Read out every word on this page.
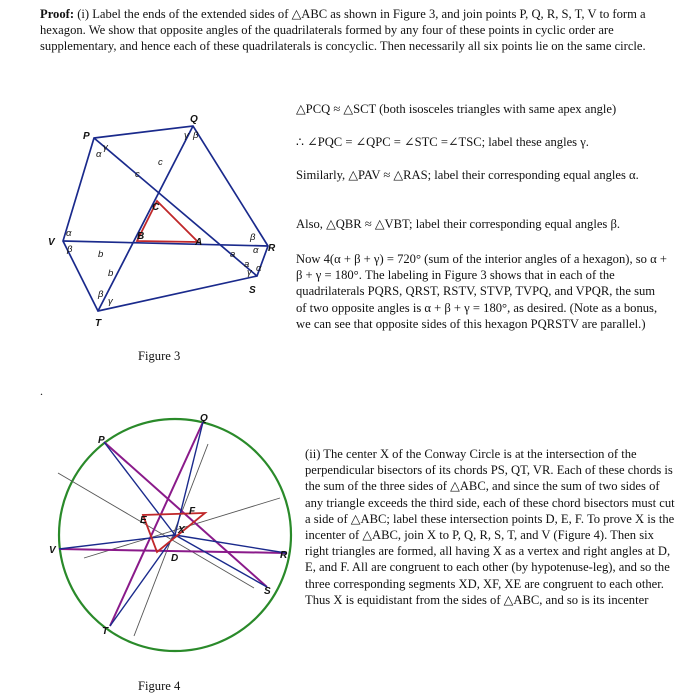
Proof: (i) Label the ends of the extended sides of △ABC as shown in Figure 3, and join points P, Q, R, S, T, V to form a hexagon. We show that opposite angles of the quadrilaterals formed by any four of these points in cyclic order are supplementary, and hence each of these quadrilaterals is concyclic. Then necessarily all six points lie on the same circle.

△PCQ ≈ △SCT (both isosceles triangles with same apex angle)

∴ ∠PQC = ∠QPC = ∠STC =∠TSC; label these angles γ.

Similarly, △PAV ≈ △RAS; label their corresponding equal angles α.

Also, △QBR ≈ △VBT; label their corresponding equal angles β.

Now 4(α + β + γ) = 720° (sum of the interior angles of a hexagon), so α + β + γ = 180°. The labeling in Figure 3 shows that in each of the quadrilaterals PQRS, QRST, RSTV, STVP, TVPQ, and VPQR, the sum of two opposite angles is α + β + γ = 180°, as desired. (Note as a bonus, we can see that opposite sides of this hexagon PQRSTV are parallel.)

P
Q
R
S
T
V	A
B
C
a
a
b
b
c
c
α
γ
γ β
β
α
γ α
β
γ
α
β
Figure 3
.
P
Q
R
S
T
V
D
E
F
X
Figure 4

(ii) The center X of the Conway Circle is at the intersection of the perpendicular bisectors of its chords PS, QT, VR. Each of these chords is the sum of the three sides of △ABC, and since the sum of two sides of any triangle exceeds the third side, each of these chord bisectors must cut a side of △ABC; label these intersection points D, E, F. To prove X is the incenter of △ABC, join X to P, Q, R, S, T, and V (Figure 4). Then six right triangles are formed, all having X as a vertex and right angles at D, E, and F. All are congruent to each other (by hypotenuse-leg), and so the three corresponding segments XD, XF, XE are congruent to each other. Thus X is equidistant from the sides of △ABC, and so is its incenter
